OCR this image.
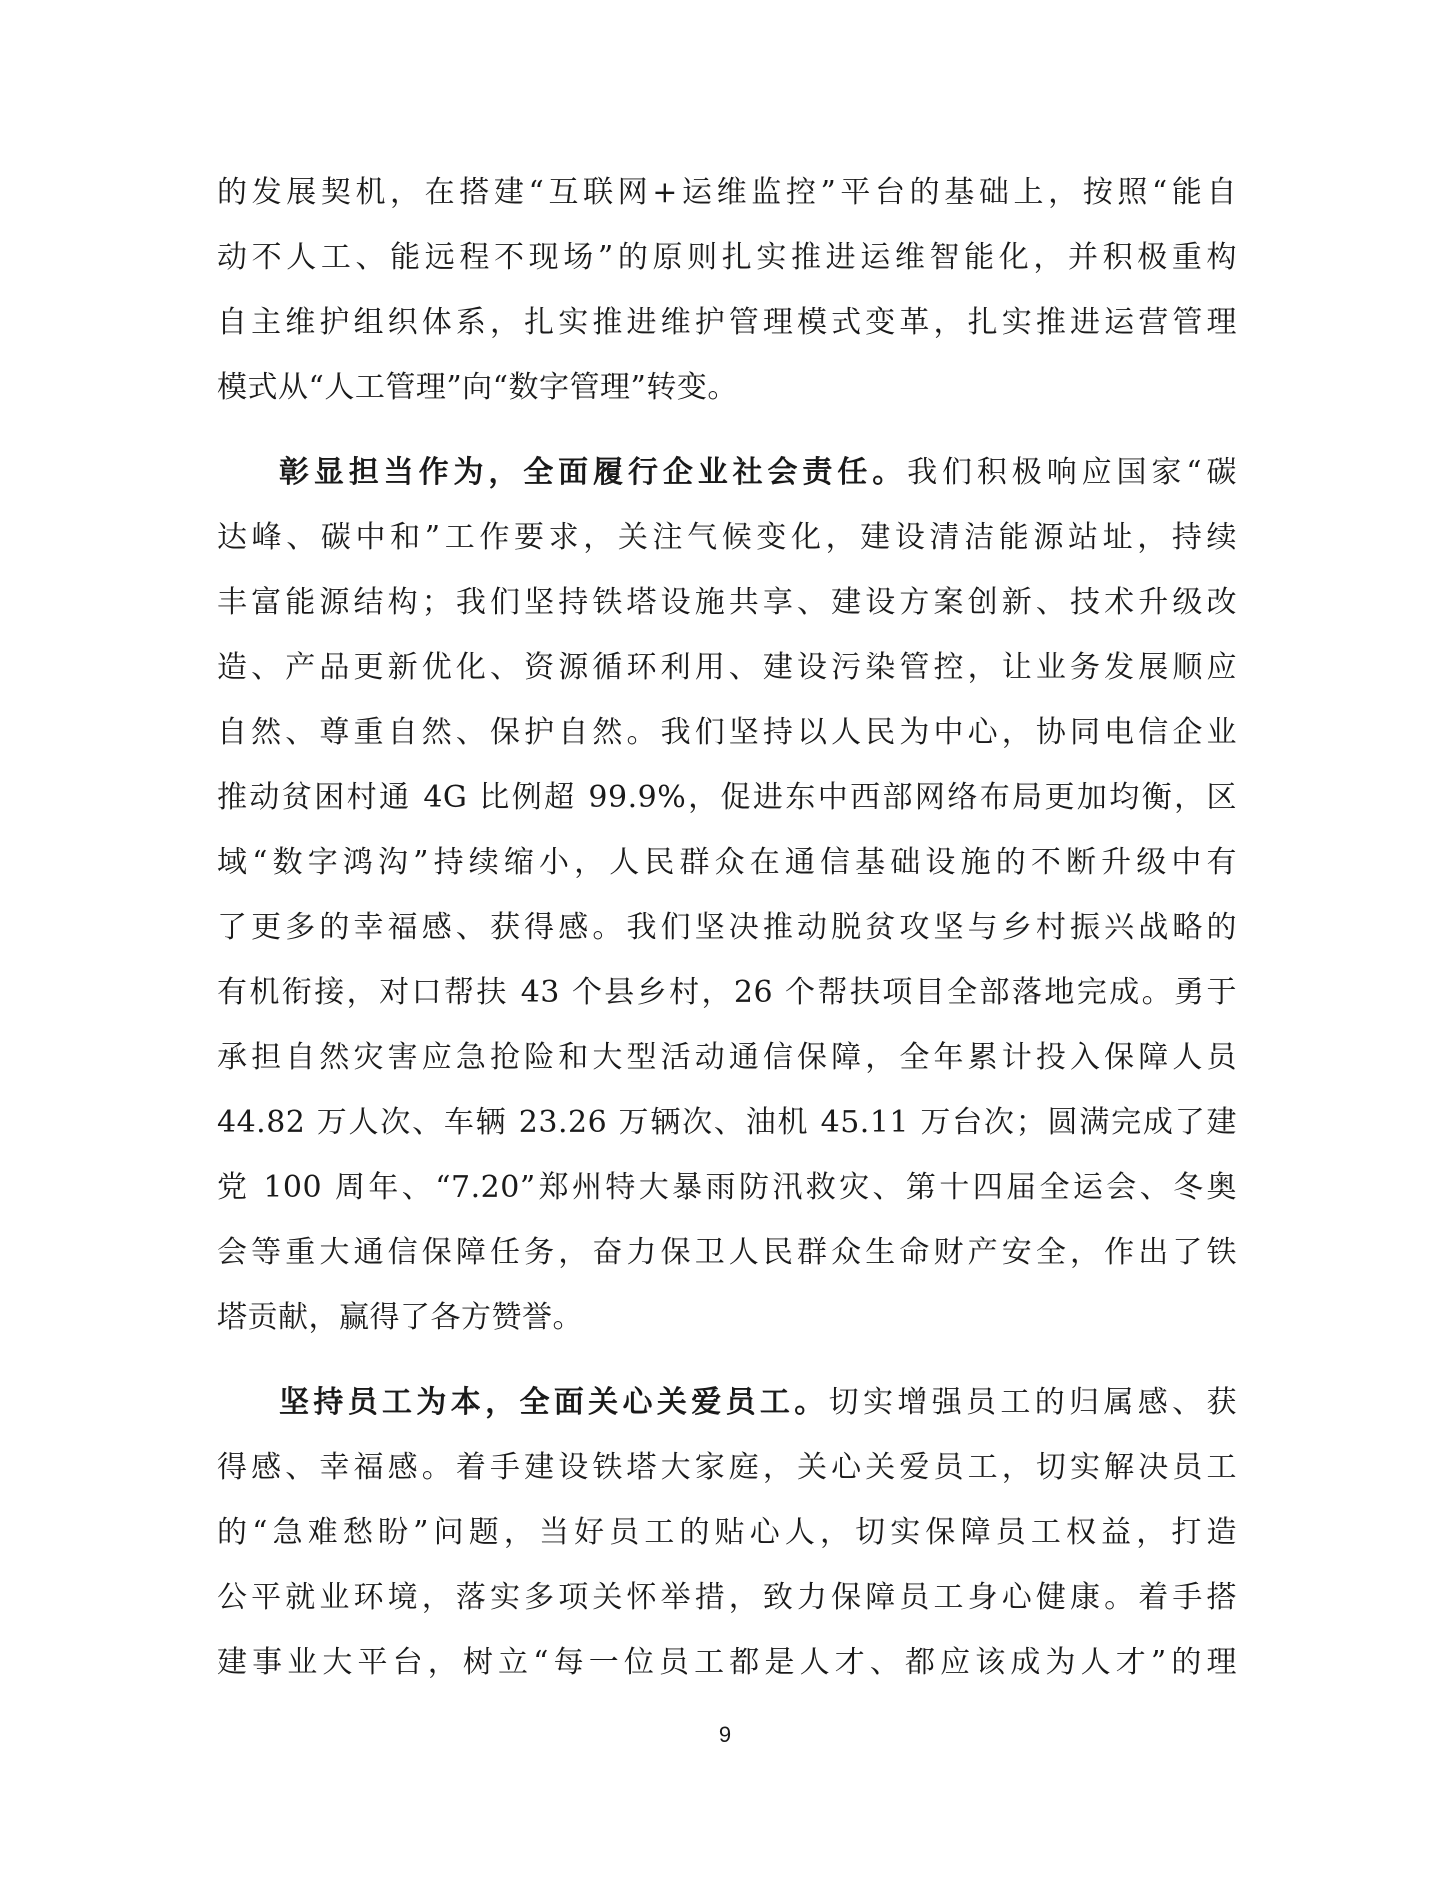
的发展契机，在搭建“互联网+运维监控”平台的基础上，按照“能自
动不人工、能远程不现场”的原则扎实推进运维智能化，并积极重构
自主维护组织体系，扎实推进维护管理模式变革，扎实推进运营管理
模式从“人工管理”向“数字管理”转变。
彰显担当作为，全面履行企业社会责任。我们积极响应国家“碳
达峰、碳中和”工作要求，关注气候变化，建设清洁能源站址，持续
丰富能源结构；我们坚持铁塔设施共享、建设方案创新、技术升级改
造、产品更新优化、资源循环利用、建设污染管控，让业务发展顺应
自然、尊重自然、保护自然。我们坚持以人民为中心，协同电信企业
推动贫困村通 4G 比例超 99.9%，促进东中西部网络布局更加均衡，区
域“数字鸿沟”持续缩小，人民群众在通信基础设施的不断升级中有
了更多的幸福感、获得感。我们坚决推动脱贫攻坚与乡村振兴战略的
有机衔接，对口帮扶 43 个县乡村，26 个帮扶项目全部落地完成。勇于
承担自然灾害应急抢险和大型活动通信保障，全年累计投入保障人员
44.82 万人次、车辆 23.26 万辆次、油机 45.11 万台次；圆满完成了建
党 100 周年、“7.20”郑州特大暴雨防汛救灾、第十四届全运会、冬奥
会等重大通信保障任务，奋力保卫人民群众生命财产安全，作出了铁
塔贡献，赢得了各方赞誉。
坚持员工为本，全面关心关爱员工。切实增强员工的归属感、获
得感、幸福感。着手建设铁塔大家庭，关心关爱员工，切实解决员工
的“急难愁盼”问题，当好员工的贴心人，切实保障员工权益，打造
公平就业环境，落实多项关怀举措，致力保障员工身心健康。着手搭
建事业大平台，树立“每一位员工都是人才、都应该成为人才”的理
9
